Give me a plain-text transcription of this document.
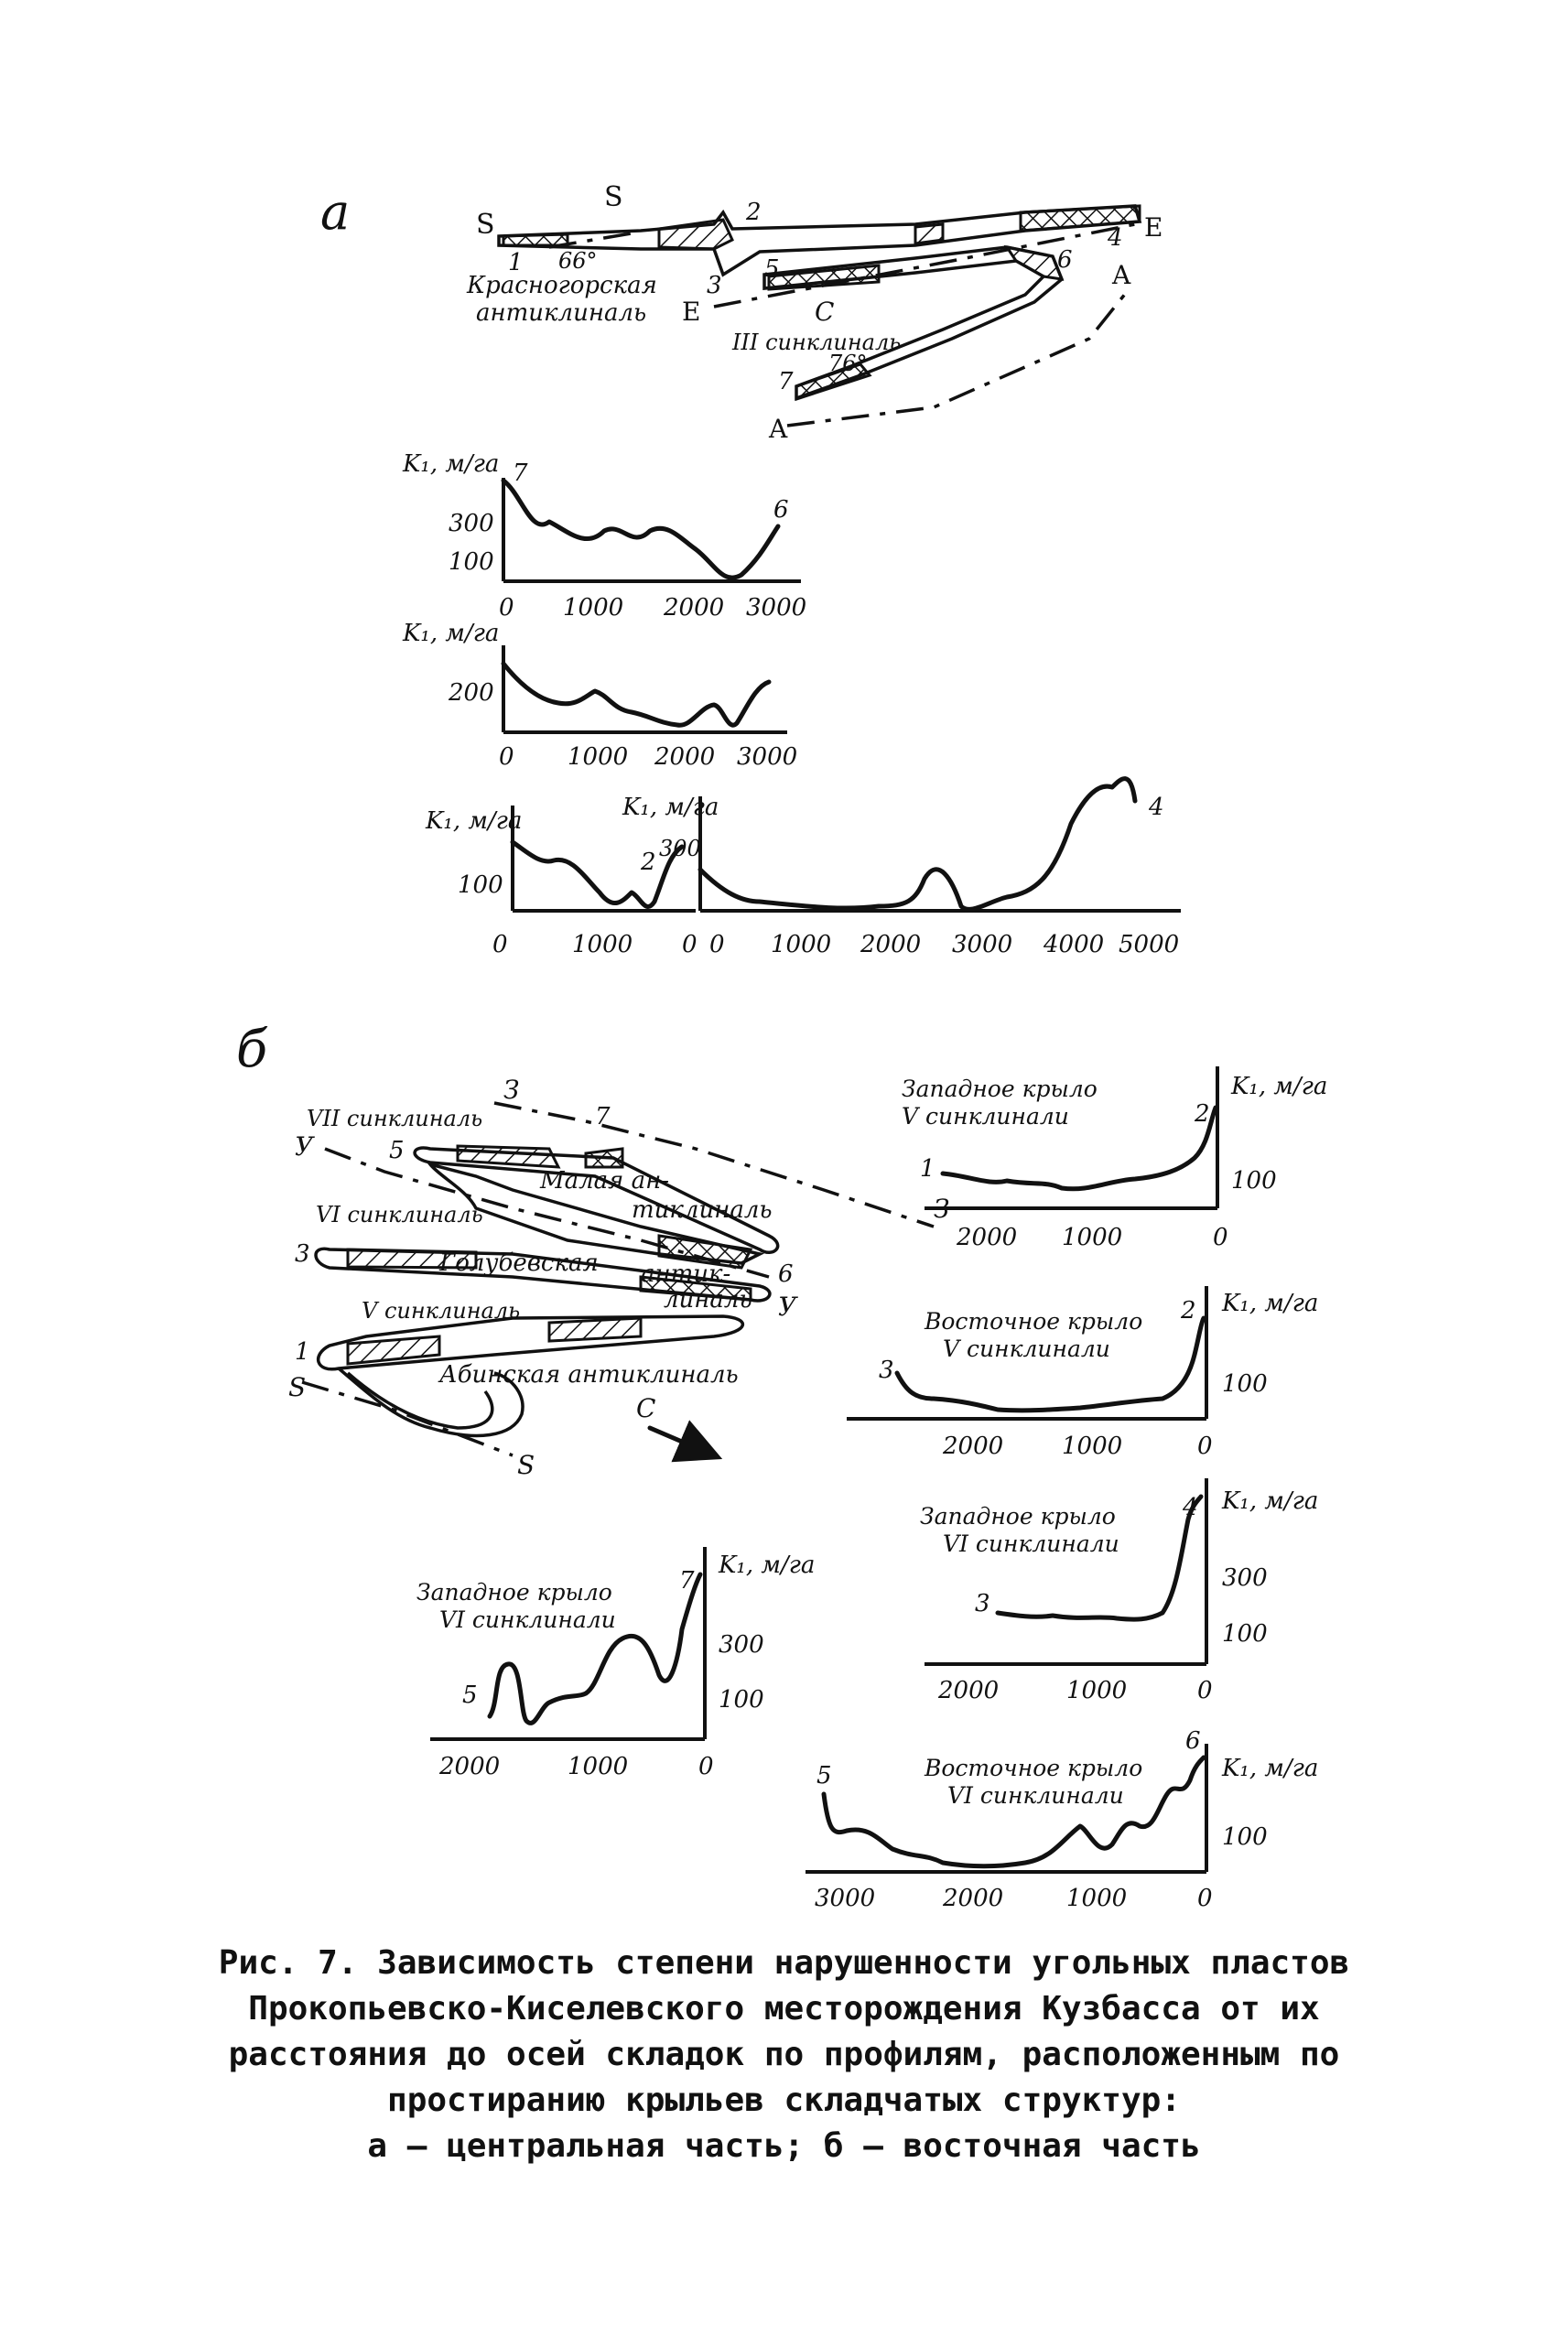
а	S
S
E
E
A
A
C
1
2
3
4
5	6
7
66°
76°
Красногорская
антиклиналь
III синклиналь
K₁, м/га 7
6
300
100
0 1000 2000 3000
K₁, м/га
200
0 1000 2000 3000
K₁, м/га	K₁, м/га
2
4
100
300
0	1000 0 0 1000 2000 3000 4000 5000
б
З
З
У
У
S
S
C
1
3
5
6
7
VII синклиналь
VI синклиналь
V синклиналь
Малая ан-
тиклиналь
Голубевская антик-
линаль
Абинская антиклиналь
Западное крыло
V синклинали
K₁, м/га
1
2
100
2000 1000	0
Восточное крыло
V синклинали
K₁, м/га
3
2
100
2000 1000	0
Западное крыло
VI синклинали
K₁, м/га
3
4
300
100
2000	1000	0
Западное крыло
VI синклинали
K₁, м/га
5
7
300
100
2000	1000	0	Восточное крыло
VI синклинали
K₁, м/га
5
6
100
3000	2000	1000	0
Рис. 7. Зависимость степени нарушенности угольных пластов
Прокопьевско-Киселевского месторождения Кузбасса от их
расстояния до осей складок по профилям, расположенным по
простиранию крыльев складчатых структур:
а – центральная часть; б – восточная часть
